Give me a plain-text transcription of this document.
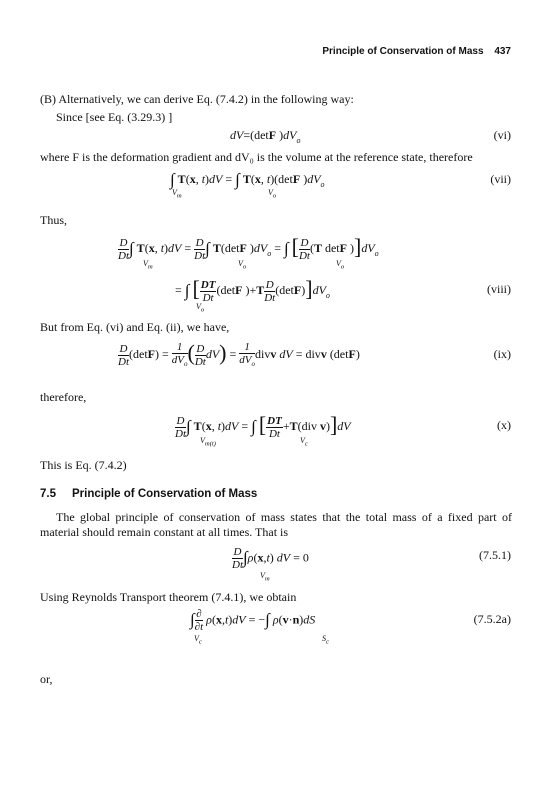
Principle of Conservation of Mass 437
(B) Alternatively, we can derive Eq. (7.4.2) in the following way:
Since [see Eq. (3.29.3) ]
dV=(detF )$dV_o$	(vi)
where F is the deformation gradient and dV₀ is the volume at the reference state, therefore
∫ T(x, t)dV = ∫ T(x, t)(detF )$dV_o$
$V_m$	$V_o$
(vii)
Thus,
$\frac{D}{Dt}$ ∫ T(x, $t)dV = \frac{D}{Dt}$ ∫ T(detF )$dV_o$ = ∫ [ $\frac{D}{Dt} (T$ detF )]$dV_o$
$V_m$	$V_o$	$V_o$
= ∫ [ $\frac{DT}{Dt} (\det F$ )$+T \frac{D}{Dt} (\det F)]dV_o$
$V_o$
(viii)
But from Eq. (vi) and Eq. (ii), we have,
$\frac{D}{Dt} (\det F) = \frac{1}{dV_o}$ ( $\frac{D}{Dt} dV) = \frac{1}{dV_o}$ divv dV = divv (detF)	(ix)
therefore,
$\frac{D}{Dt}$ ∫ T(x, t)dV = ∫ [ $\frac{DT}{Dt} +T(div$ v)]dV
$V_{m(t)}$	$V_c$
(x)
This is Eq. (7.4.2)
7.5 Principle of Conservation of Mass
The global principle of conservation of mass states that the total mass of a fixed part of material should remain constant at all times. That is
$\frac{D}{Dt} \int\rho(x,t)$ dV = 0
$V_m$
(7.5.1)
Using Reynolds Transport theorem (7.4.1), we obtain
∫ $\frac{\partial}{\partial t} \rho(x,t)dV$ = −∫ ρ(v·n)dS
$V_c$	$S_c$
(7.5.2a)
or,
